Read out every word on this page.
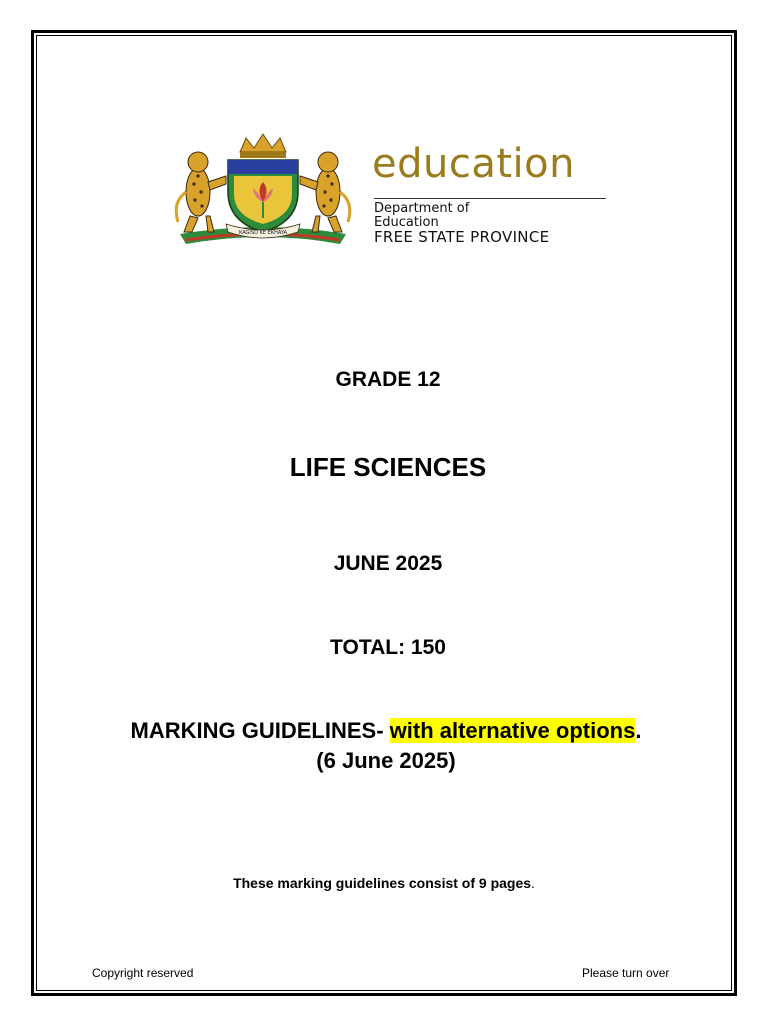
KAGISO KE EKHAYA
education
Department of
Education
FREE STATE PROVINCE
GRADE 12
LIFE SCIENCES
JUNE 2025
TOTAL: 150
MARKING GUIDELINES- with alternative options.
(6 June 2025)
These marking guidelines consist of 9 pages.
Copyright reserved	Please turn over
